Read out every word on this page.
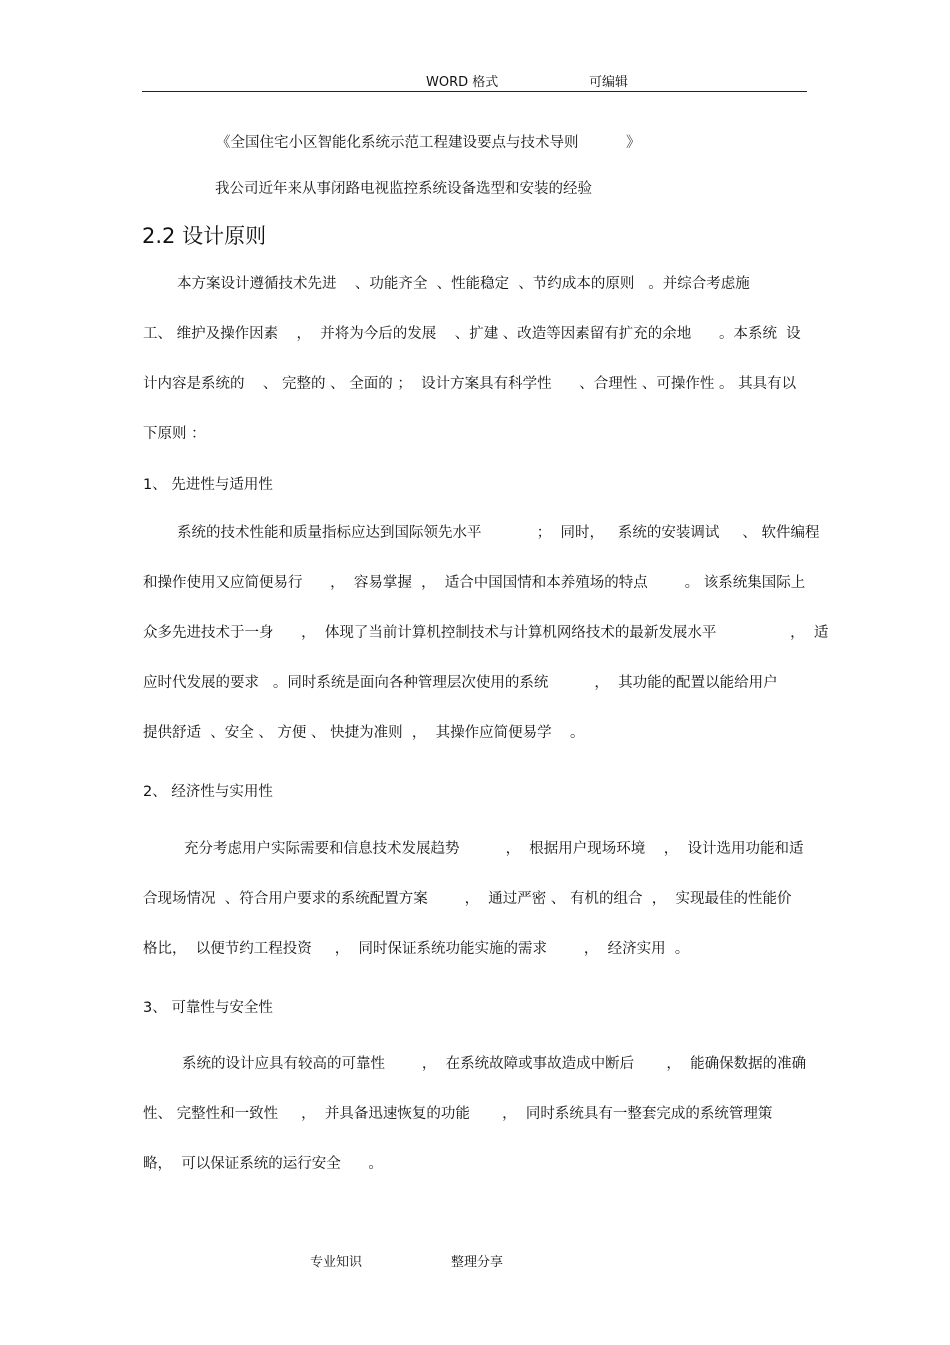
WORD 格式	可编辑
《全国住宅小区智能化系统示范工程建设要点与技术导则	》
我公司近年来从事闭路电视监控系统设备选型和安装的经验
2.2 设计原则
本方案设计遵循技术先进    、功能齐全  、性能稳定  、节约成本的原则   。并综合考虑施
工、 维护及操作因素    ，  并将为今后的发展    、扩建 、改造等因素留有扩充的余地      。本系统  设
计内容是系统的    、 完整的 、 全面的 ；  设计方案具有科学性      、合理性 、可操作性 。 其具有以
下原则 ：
1、 先进性与适用性
系统的技术性能和质量指标应达到国际领先水平            ；  同时，   系统的安装调试     、 软件编程
和操作使用又应简便易行      ，  容易掌握  ，  适合中国国情和本养殖场的特点        。 该系统集国际上
众多先进技术于一身      ，  体现了当前计算机控制技术与计算机网络技术的最新发展水平                ，  适
应时代发展的要求   。同时系统是面向各种管理层次使用的系统          ，  其功能的配置以能给用户
提供舒适  、安全 、 方便 、 快捷为准则  ，  其操作应简便易学    。
2、 经济性与实用性
充分考虑用户实际需要和信息技术发展趋势          ，  根据用户现场环境    ，  设计选用功能和适
合现场情况  、符合用户要求的系统配置方案        ，  通过严密 、 有机的组合  ，  实现最佳的性能价
格比，  以便节约工程投资     ，  同时保证系统功能实施的需求        ，  经济实用  。
3、 可靠性与安全性
系统的设计应具有较高的可靠性        ，  在系统故障或事故造成中断后       ，  能确保数据的准确
性、 完整性和一致性     ，  并具备迅速恢复的功能       ，  同时系统具有一整套完成的系统管理策
略，  可以保证系统的运行安全      。
专业知识	整理分享
